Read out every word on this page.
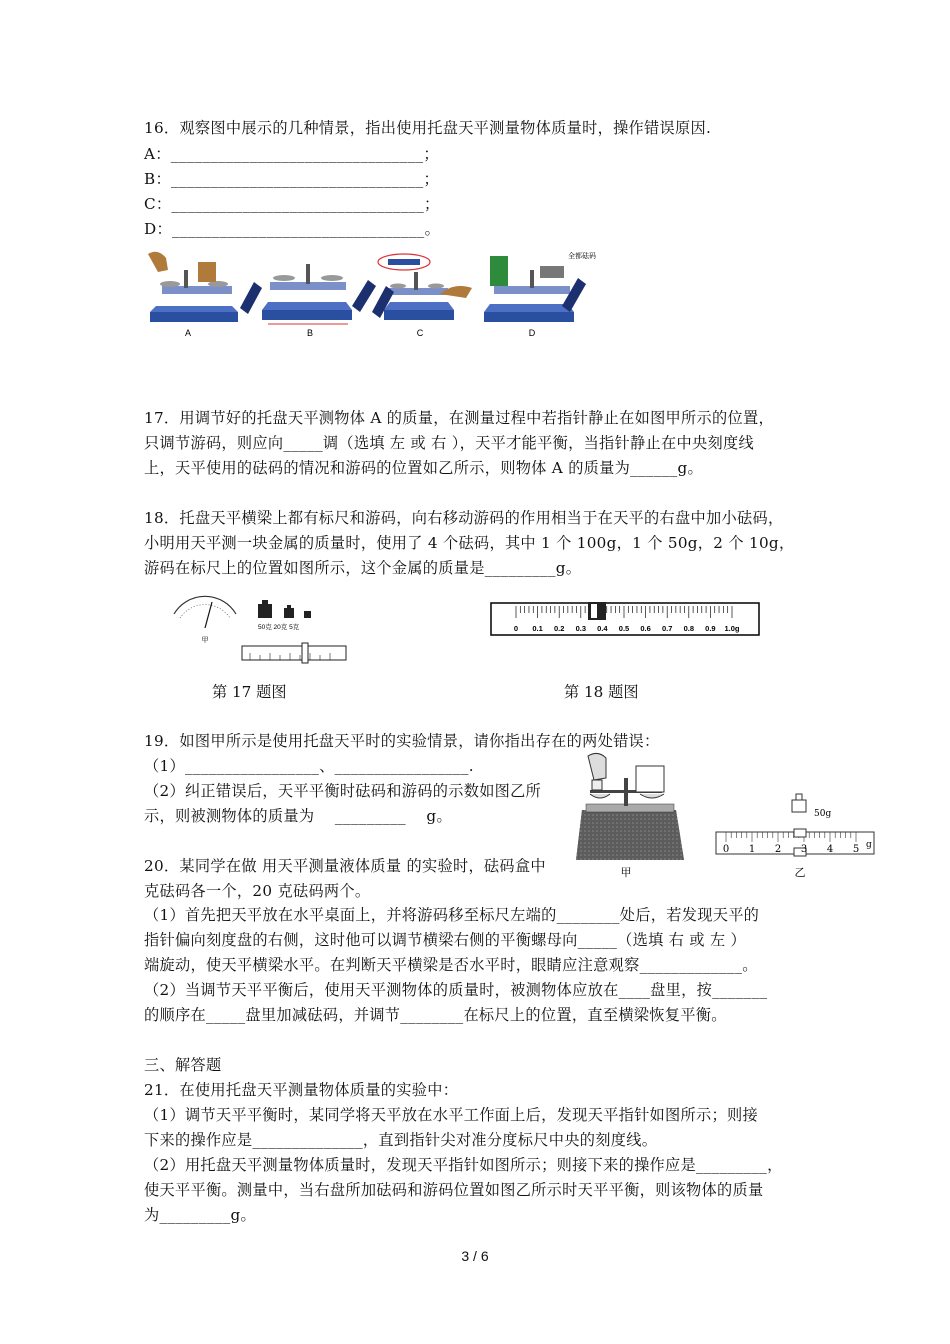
16．观察图中展示的几种情景，指出使用托盘天平测量物体质量时，操作错误原因.
A：________________________________；
B：________________________________；
C：________________________________；
D：________________________________。
A	B	C
全都砝码
D
17．用调节好的托盘天平测物体 A 的质量，在测量过程中若指针静止在如图甲所示的位置，
只调节游码，则应向_____调（选填 左 或 右 ），天平才能平衡，当指针静止在中央刻度线
上，天平使用的砝码的情况和游码的位置如乙所示，则物体 A 的质量为______g。
18．托盘天平横梁上都有标尺和游码，向右移动游码的作用相当于在天平的右盘中加小砝码，
小明用天平测一块金属的质量时，使用了 4 个砝码，其中 1 个 100g，1 个 50g，2 个 10g，
游码在标尺上的位置如图所示，这个金属的质量是_________g。
甲
50克 20克 5克	0 0.1 0.2 0.3 0.4 0.5 0.6 0.7 0.8 0.9 1.0g
第 17 题图	第 18 题图
19．如图甲所示是使用托盘天平时的实验情景，请你指出存在的两处错误：
（1）_________________、_________________.
（2）纠正错误后，天平平衡时砝码和游码的示数如图乙所
示，则被测物体的质量为    _________    g。
甲
50g
0 1 2 3 4 5 g
乙
20．某同学在做 用天平测量液体质量 的实验时，砝码盒中
克砝码各一个，20 克砝码两个。
（1）首先把天平放在水平桌面上，并将游码移至标尺左端的________处后，若发现天平的
指针偏向刻度盘的右侧，这时他可以调节横梁右侧的平衡螺母向_____（选填 右 或 左 ）
端旋动，使天平横梁水平。在判断天平横梁是否水平时，眼睛应注意观察_____________。
（2）当调节天平平衡后，使用天平测物体的质量时，被测物体应放在____盘里，按_______
的顺序在_____盘里加减砝码，并调节________在标尺上的位置，直至横梁恢复平衡。
三、解答题
21．在使用托盘天平测量物体质量的实验中：
（1）调节天平平衡时，某同学将天平放在水平工作面上后，发现天平指针如图所示；则接
下来的操作应是______________，直到指针尖对准分度标尺中央的刻度线。
（2）用托盘天平测量物体质量时，发现天平指针如图所示；则接下来的操作应是_________，
使天平平衡。测量中，当右盘所加砝码和游码位置如图乙所示时天平平衡，则该物体的质量
为_________g。
3 / 6
